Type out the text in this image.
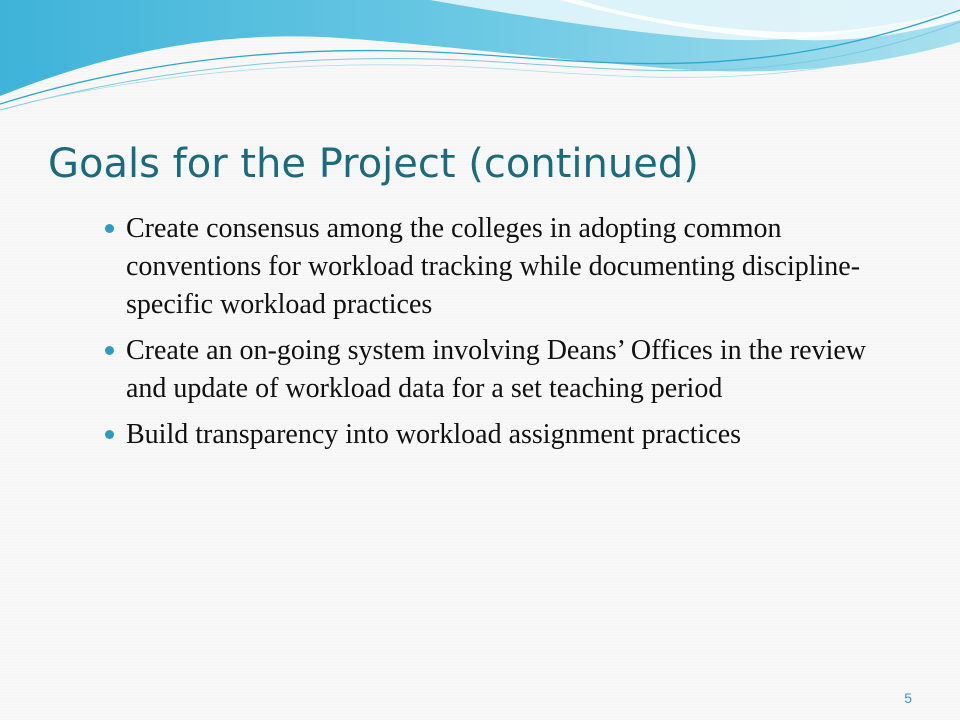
Goals for the Project (continued)
Create consensus among the colleges in adopting common conventions for workload tracking while documenting discipline-specific workload practices
Create an on-going system involving Deans’ Offices in the review and update of workload data for a set teaching period
Build transparency into workload assignment practices
5
